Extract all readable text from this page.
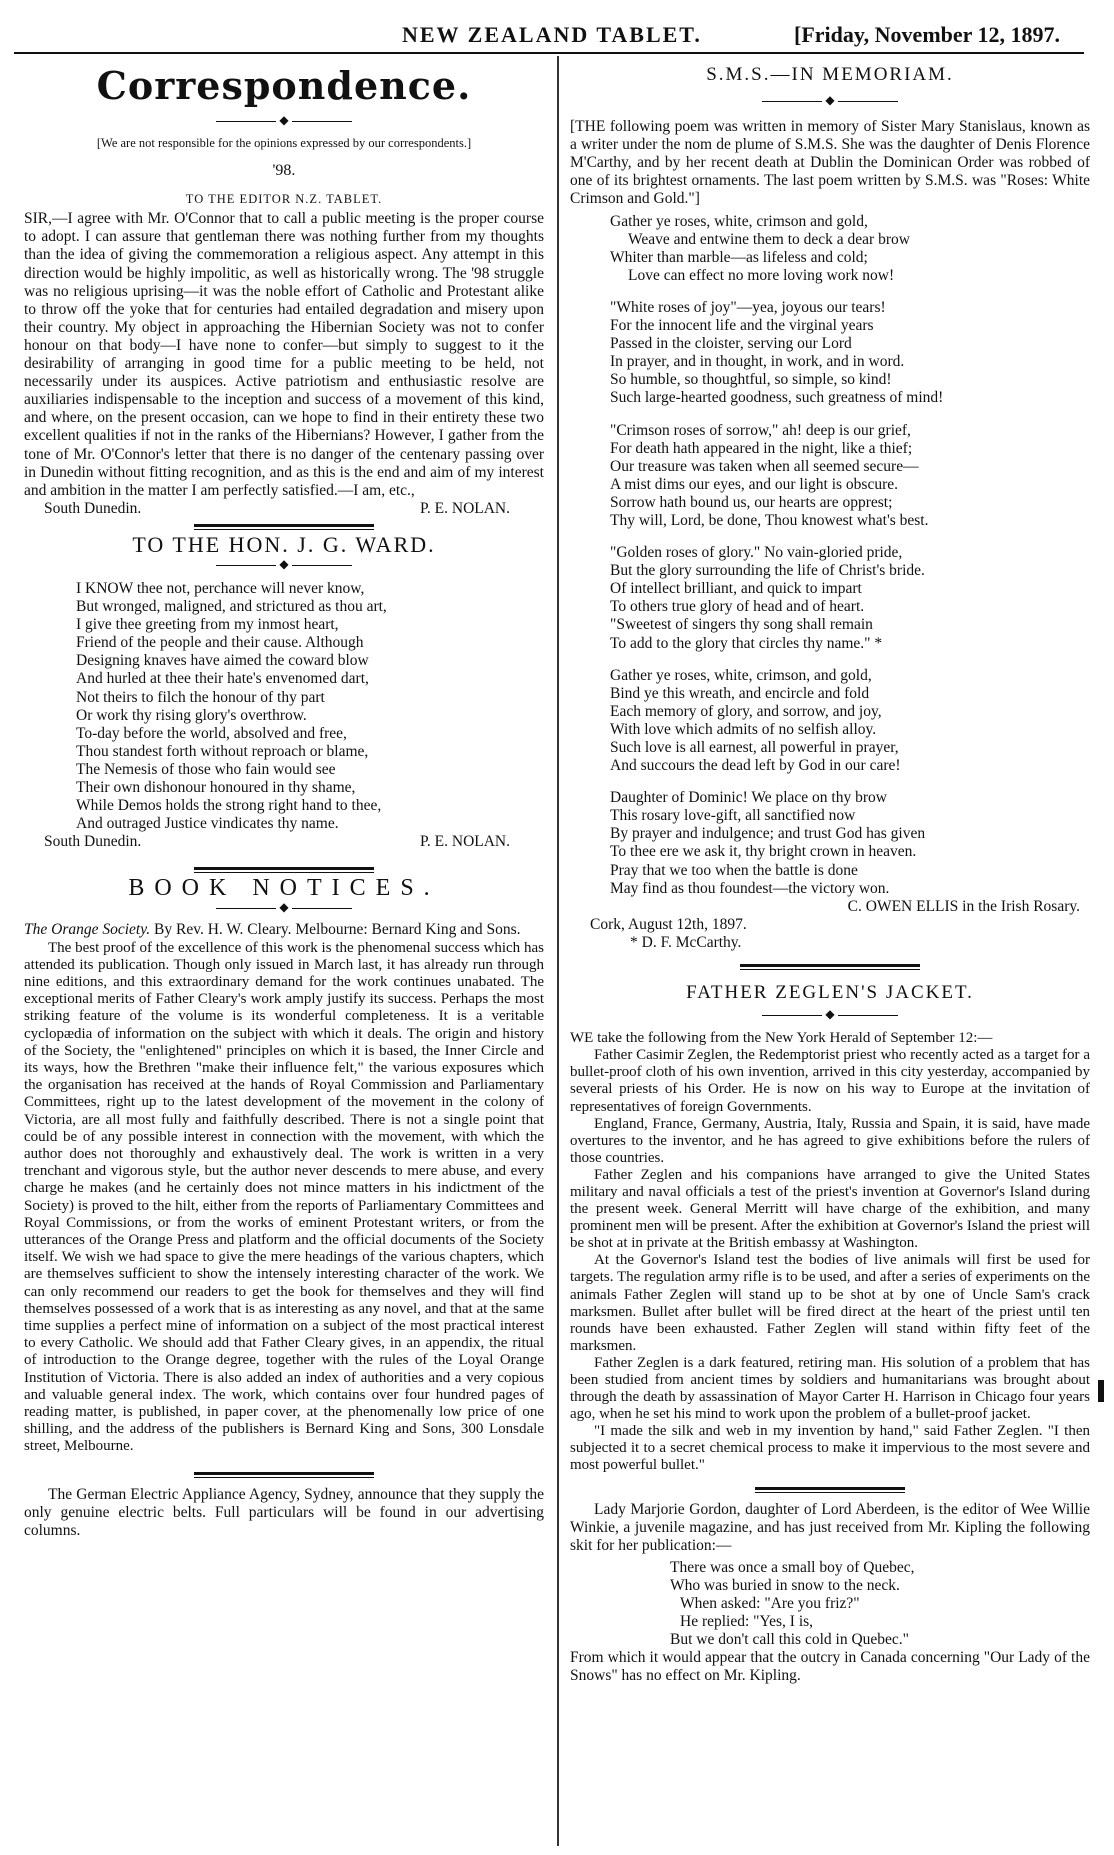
NEW ZEALAND TABLET.	[Friday, November 12, 1897.
Correspondence.
◆
[We are not responsible for the opinions expressed by our correspondents.]
'98.
TO THE EDITOR N.Z. TABLET.

SIR,—I agree with Mr. O'Connor that to call a public meeting is the proper course to adopt. I can assure that gentleman there was nothing further from my thoughts than the idea of giving the commemoration a religious aspect. Any attempt in this direction would be highly impolitic, as well as historically wrong. The '98 struggle was no religious uprising—it was the noble effort of Catholic and Protestant alike to throw off the yoke that for centuries had entailed degradation and misery upon their country. My object in approaching the Hibernian Society was not to confer honour on that body—I have none to confer—but simply to suggest to it the desirability of arranging in good time for a public meeting to be held, not necessarily under its auspices. Active patriotism and enthusiastic resolve are auxiliaries indispensable to the inception and success of a movement of this kind, and where, on the present occasion, can we hope to find in their entirety these two excellent qualities if not in the ranks of the Hibernians? However, I gather from the tone of Mr. O'Connor's letter that there is no danger of the centenary passing over in Dunedin without fitting recognition, and as this is the end and aim of my interest and ambition in the matter I am perfectly satisfied.—I am, etc.,

South Dunedin.	P. E. NOLAN.
TO THE HON. J. G. WARD.
◆
I KNOW thee not, perchance will never know,
But wronged, maligned, and strictured as thou art,
I give thee greeting from my inmost heart,
Friend of the people and their cause. Although
Designing knaves have aimed the coward blow
And hurled at thee their hate's envenomed dart,
Not theirs to filch the honour of thy part
Or work thy rising glory's overthrow.
To-day before the world, absolved and free,
Thou standest forth without reproach or blame,
The Nemesis of those who fain would see
Their own dishonour honoured in thy shame,
While Demos holds the strong right hand to thee,
And outraged Justice vindicates thy name.
South Dunedin.	P. E. NOLAN.
BOOK NOTICES.
◆

The Orange Society. By Rev. H. W. Cleary. Melbourne: Bernard King and Sons.

The best proof of the excellence of this work is the phenomenal success which has attended its publication. Though only issued in March last, it has already run through nine editions, and this extraordinary demand for the work continues unabated. The exceptional merits of Father Cleary's work amply justify its success. Perhaps the most striking feature of the volume is its wonderful completeness. It is a veritable cyclopædia of information on the subject with which it deals. The origin and history of the Society, the "enlightened" principles on which it is based, the Inner Circle and its ways, how the Brethren "make their influence felt," the various exposures which the organisation has received at the hands of Royal Commission and Parliamentary Committees, right up to the latest development of the movement in the colony of Victoria, are all most fully and faithfully described. There is not a single point that could be of any possible interest in connection with the movement, with which the author does not thoroughly and exhaustively deal. The work is written in a very trenchant and vigorous style, but the author never descends to mere abuse, and every charge he makes (and he certainly does not mince matters in his indictment of the Society) is proved to the hilt, either from the reports of Parliamentary Committees and Royal Commissions, or from the works of eminent Protestant writers, or from the utterances of the Orange Press and platform and the official documents of the Society itself. We wish we had space to give the mere headings of the various chapters, which are themselves sufficient to show the intensely interesting character of the work. We can only recommend our readers to get the book for themselves and they will find themselves possessed of a work that is as interesting as any novel, and that at the same time supplies a perfect mine of information on a subject of the most practical interest to every Catholic. We should add that Father Cleary gives, in an appendix, the ritual of introduction to the Orange degree, together with the rules of the Loyal Orange Institution of Victoria. There is also added an index of authorities and a very copious and valuable general index. The work, which contains over four hundred pages of reading matter, is published, in paper cover, at the phenomenally low price of one shilling, and the address of the publishers is Bernard King and Sons, 300 Lonsdale street, Melbourne.

The German Electric Appliance Agency, Sydney, announce that they supply the only genuine electric belts. Full particulars will be found in our advertising columns.

S.M.S.—IN MEMORIAM.
◆

[THE following poem was written in memory of Sister Mary Stanislaus, known as a writer under the nom de plume of S.M.S. She was the daughter of Denis Florence M'Carthy, and by her recent death at Dublin the Dominican Order was robbed of one of its brightest ornaments. The last poem written by S.M.S. was "Roses: White Crimson and Gold."]

Gather ye roses, white, crimson and gold,
Weave and entwine them to deck a dear brow
Whiter than marble—as lifeless and cold;
Love can effect no more loving work now!
"White roses of joy"—yea, joyous our tears!
For the innocent life and the virginal years
Passed in the cloister, serving our Lord
In prayer, and in thought, in work, and in word.
So humble, so thoughtful, so simple, so kind!
Such large-hearted goodness, such greatness of mind!
"Crimson roses of sorrow," ah! deep is our grief,
For death hath appeared in the night, like a thief;
Our treasure was taken when all seemed secure—
A mist dims our eyes, and our light is obscure.
Sorrow hath bound us, our hearts are opprest;
Thy will, Lord, be done, Thou knowest what's best.
"Golden roses of glory." No vain-gloried pride,
But the glory surrounding the life of Christ's bride.
Of intellect brilliant, and quick to impart
To others true glory of head and of heart.
"Sweetest of singers thy song shall remain
To add to the glory that circles thy name." *
Gather ye roses, white, crimson, and gold,
Bind ye this wreath, and encircle and fold
Each memory of glory, and sorrow, and joy,
With love which admits of no selfish alloy.
Such love is all earnest, all powerful in prayer,
And succours the dead left by God in our care!
Daughter of Dominic! We place on thy brow
This rosary love-gift, all sanctified now
By prayer and indulgence; and trust God has given
To thee ere we ask it, thy bright crown in heaven.
Pray that we too when the battle is done
May find as thou foundest—the victory won.
C. OWEN ELLIS in the Irish Rosary.
Cork, August 12th, 1897.
* D. F. McCarthy.
FATHER ZEGLEN'S JACKET.
◆

WE take the following from the New York Herald of September 12:—

Father Casimir Zeglen, the Redemptorist priest who recently acted as a target for a bullet-proof cloth of his own invention, arrived in this city yesterday, accompanied by several priests of his Order. He is now on his way to Europe at the invitation of representatives of foreign Governments.

England, France, Germany, Austria, Italy, Russia and Spain, it is said, have made overtures to the inventor, and he has agreed to give exhibitions before the rulers of those countries.

Father Zeglen and his companions have arranged to give the United States military and naval officials a test of the priest's invention at Governor's Island during the present week. General Merritt will have charge of the exhibition, and many prominent men will be present. After the exhibition at Governor's Island the priest will be shot at in private at the British embassy at Washington.

At the Governor's Island test the bodies of live animals will first be used for targets. The regulation army rifle is to be used, and after a series of experiments on the animals Father Zeglen will stand up to be shot at by one of Uncle Sam's crack marksmen. Bullet after bullet will be fired direct at the heart of the priest until ten rounds have been exhausted. Father Zeglen will stand within fifty feet of the marksmen.

Father Zeglen is a dark featured, retiring man. His solution of a problem that has been studied from ancient times by soldiers and humanitarians was brought about through the death by assassination of Mayor Carter H. Harrison in Chicago four years ago, when he set his mind to work upon the problem of a bullet-proof jacket.

"I made the silk and web in my invention by hand," said Father Zeglen. "I then subjected it to a secret chemical process to make it impervious to the most severe and most powerful bullet."

Lady Marjorie Gordon, daughter of Lord Aberdeen, is the editor of Wee Willie Winkie, a juvenile magazine, and has just received from Mr. Kipling the following skit for her publication:—

There was once a small boy of Quebec,
Who was buried in snow to the neck.
When asked: "Are you friz?"
He replied: "Yes, I is,
But we don't call this cold in Quebec."

From which it would appear that the outcry in Canada concerning "Our Lady of the Snows" has no effect on Mr. Kipling.
